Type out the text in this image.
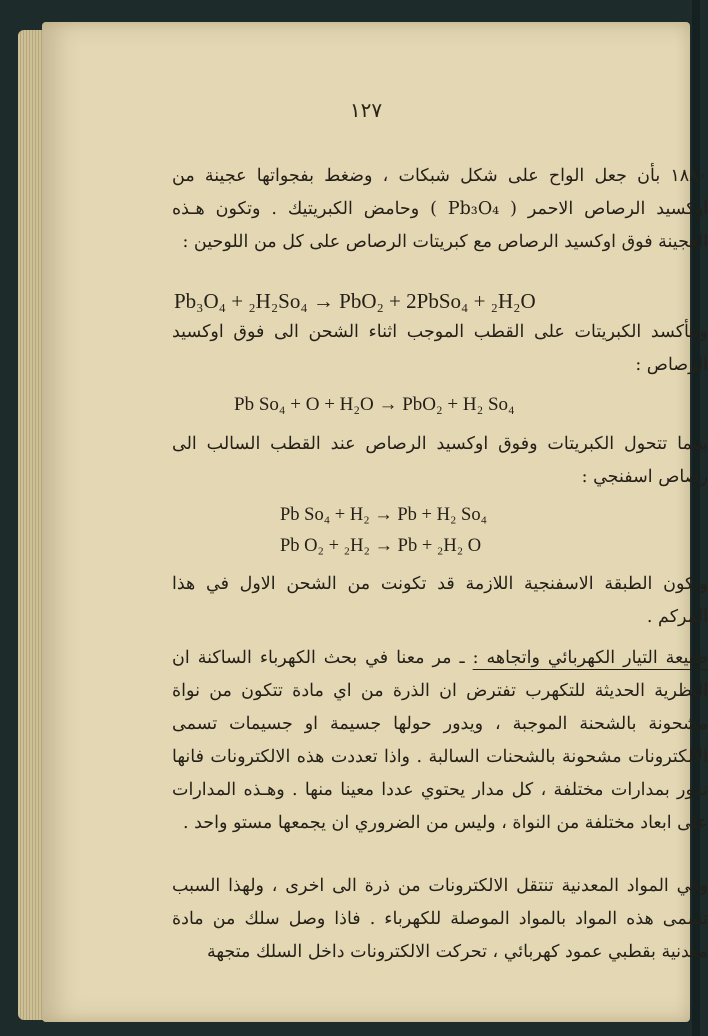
١٢٧
١٨٨٠ بأن جعل الواح على شكل شبكات ، وضغط بفجواتها عجينة من اوكسيد الرصاص الاحمر ( Pb₃O₄ ) وحامض الكبريتيك . وتكون هـذه العجينة فوق اوكسيد الرصاص مع كبريتات الرصاص على كل من اللوحين :
Pb₃O₄ + ₂H₂So₄ → PbO₂ + 2PbSo₄ + ₂H₂O
وتتأكسد الكبريتات على القطب الموجب اثناء الشحن الى فوق اوكسيد الرصاص :
Pb So₄ + O + H₂O → PbO₂ + H₂ So₄
بينما تتحول الكبريتات وفوق اوكسيد الرصاص عند القطب السالب الى رصاص اسفنجي :
Pb So₄ + H₂ → Pb + H₂ So₄
Pb O₂ + ₂H₂ → Pb + ₂H₂ O
وتكون الطبقة الاسفنجية اللازمة قد تكونت من الشحن الاول في هذا المركم .
طبيعة التيار الكهربائي واتجاهه : ـ مر معنا في بحث الكهرباء الساكنة ان النظرية الحديثة للتكهرب تفترض ان الذرة من اي مادة تتكون من نواة مشحونة بالشحنة الموجبة ، ويدور حولها جسيمة او جسيمات تسمى الالكترونات مشحونة بالشحنات السالبة . واذا تعددت هذه الالكترونات فانها تدور بمدارات مختلفة ، كل مدار يحتوي عددا معينا منها . وهـذه المدارات على ابعاد مختلفة من النواة ، وليس من الضروري ان يجمعها مستو واحد .
وفي المواد المعدنية تنتقل الالكترونات من ذرة الى اخرى ، ولهذا السبب تسمى هذه المواد بالمواد الموصلة للكهرباء . فاذا وصل سلك من مادة معدنية بقطبي عمود كهربائي ، تحركت الالكترونات داخل السلك متجهة
